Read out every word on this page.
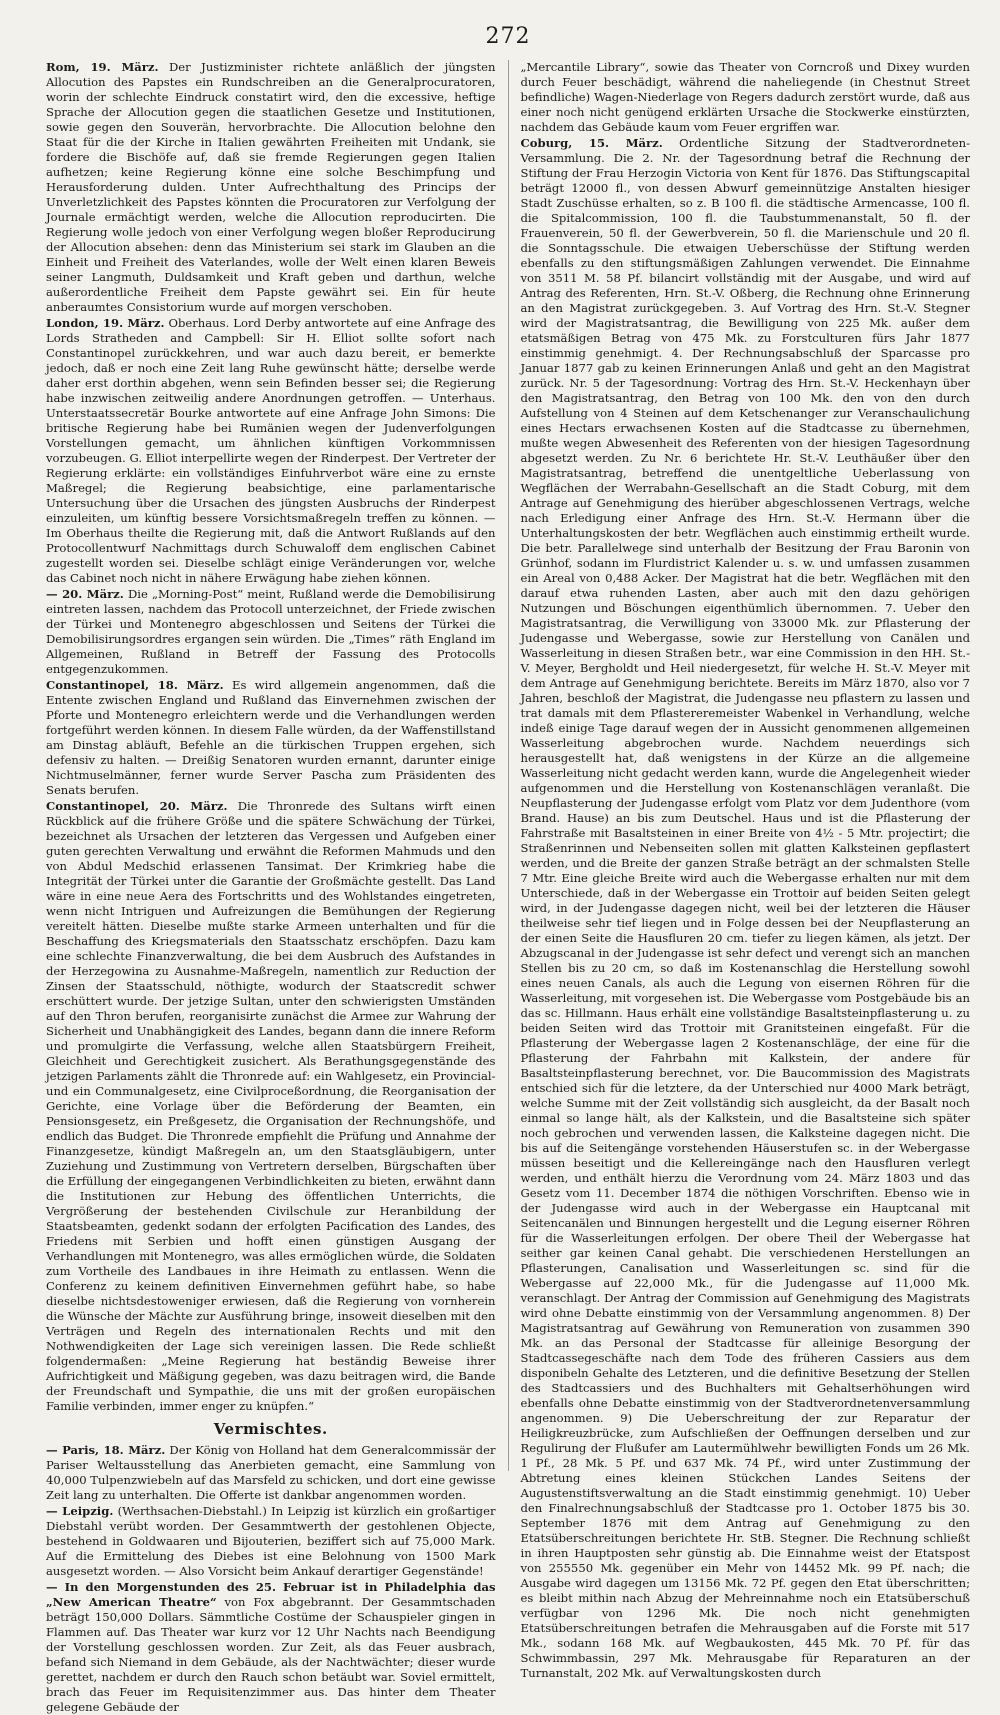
272

Rom, 19. März. Der Justizminister richtete anläßlich der jüngsten Allocution des Papstes ein Rundschreiben an die Generalprocuratoren, worin der schlechte Eindruck constatirt wird, den die excessive, heftige Sprache der Allocution gegen die staatlichen Gesetze und Institutionen, sowie gegen den Souverän, hervorbrachte. Die Allocution belohne den Staat für die der Kirche in Italien gewährten Freiheiten mit Undank, sie fordere die Bischöfe auf, daß sie fremde Regierungen gegen Italien aufhetzen; keine Regierung könne eine solche Beschimpfung und Herausforderung dulden. Unter Aufrechthaltung des Princips der Unverletzlichkeit des Papstes könnten die Procuratoren zur Verfolgung der Journale ermächtigt werden, welche die Allocution reproducirten. Die Regierung wolle jedoch von einer Verfolgung wegen bloßer Reproducirung der Allocution absehen: denn das Ministerium sei stark im Glauben an die Einheit und Freiheit des Vaterlandes, wolle der Welt einen klaren Beweis seiner Langmuth, Duldsamkeit und Kraft geben und darthun, welche außerordentliche Freiheit dem Papste gewährt sei. Ein für heute anberaumtes Consistorium wurde auf morgen verschoben.

London, 19. März. Oberhaus. Lord Derby antwortete auf eine Anfrage des Lords Stratheden and Campbell: Sir H. Elliot sollte sofort nach Constantinopel zurückkehren, und war auch dazu bereit, er bemerkte jedoch, daß er noch eine Zeit lang Ruhe gewünscht hätte; derselbe werde daher erst dorthin abgehen, wenn sein Befinden besser sei; die Regierung habe inzwischen zeitweilig andere Anordnungen getroffen. — Unterhaus. Unterstaatssecretär Bourke antwortete auf eine Anfrage John Simons: Die britische Regierung habe bei Rumänien wegen der Judenverfolgungen Vorstellungen gemacht, um ähnlichen künftigen Vorkommnissen vorzubeugen. G. Elliot interpellirte wegen der Rinderpest. Der Vertreter der Regierung erklärte: ein vollständiges Einfuhrverbot wäre eine zu ernste Maßregel; die Regierung beabsichtige, eine parlamentarische Untersuchung über die Ursachen des jüngsten Ausbruchs der Rinderpest einzuleiten, um künftig bessere Vorsichtsmaßregeln treffen zu können. — Im Oberhaus theilte die Regierung mit, daß die Antwort Rußlands auf den Protocollentwurf Nachmittags durch Schuwaloff dem englischen Cabinet zugestellt worden sei. Dieselbe schlägt einige Veränderungen vor, welche das Cabinet noch nicht in nähere Erwägung habe ziehen können.

— 20. März. Die „Morning-Post“ meint, Rußland werde die Demobilisirung eintreten lassen, nachdem das Protocoll unterzeichnet, der Friede zwischen der Türkei und Montenegro abgeschlossen und Seitens der Türkei die Demobilisirungsordres ergangen sein würden. Die „Times“ räth England im Allgemeinen, Rußland in Betreff der Fassung des Protocolls entgegenzukommen.

Constantinopel, 18. März. Es wird allgemein angenommen, daß die Entente zwischen England und Rußland das Einvernehmen zwischen der Pforte und Montenegro erleichtern werde und die Verhandlungen werden fortgeführt werden können. In diesem Falle würden, da der Waffenstillstand am Dinstag abläuft, Befehle an die türkischen Truppen ergehen, sich defensiv zu halten. — Dreißig Senatoren wurden ernannt, darunter einige Nichtmuselmänner, ferner wurde Server Pascha zum Präsidenten des Senats berufen.

Constantinopel, 20. März. Die Thronrede des Sultans wirft einen Rückblick auf die frühere Größe und die spätere Schwächung der Türkei, bezeichnet als Ursachen der letzteren das Vergessen und Aufgeben einer guten gerechten Verwaltung und erwähnt die Reformen Mahmuds und den von Abdul Medschid erlassenen Tansimat. Der Krimkrieg habe die Integrität der Türkei unter die Garantie der Großmächte gestellt. Das Land wäre in eine neue Aera des Fortschritts und des Wohlstandes eingetreten, wenn nicht Intriguen und Aufreizungen die Bemühungen der Regierung vereitelt hätten. Dieselbe mußte starke Armeen unterhalten und für die Beschaffung des Kriegsmaterials den Staatsschatz erschöpfen. Dazu kam eine schlechte Finanzverwaltung, die bei dem Ausbruch des Aufstandes in der Herzegowina zu Ausnahme-Maßregeln, namentlich zur Reduction der Zinsen der Staatsschuld, nöthigte, wodurch der Staatscredit schwer erschüttert wurde. Der jetzige Sultan, unter den schwierigsten Umständen auf den Thron berufen, reorganisirte zunächst die Armee zur Wahrung der Sicherheit und Unabhängigkeit des Landes, begann dann die innere Reform und promulgirte die Verfassung, welche allen Staatsbürgern Freiheit, Gleichheit und Gerechtigkeit zusichert. Als Berathungsgegenstände des jetzigen Parlaments zählt die Thronrede auf: ein Wahlgesetz, ein Provincial- und ein Communalgesetz, eine Civilproceßordnung, die Reorganisation der Gerichte, eine Vorlage über die Beförderung der Beamten, ein Pensionsgesetz, ein Preßgesetz, die Organisation der Rechnungshöfe, und endlich das Budget. Die Thronrede empfiehlt die Prüfung und Annahme der Finanzgesetze, kündigt Maßregeln an, um den Staatsgläubigern, unter Zuziehung und Zustimmung von Vertretern derselben, Bürgschaften über die Erfüllung der eingegangenen Verbindlichkeiten zu bieten, erwähnt dann die Institutionen zur Hebung des öffentlichen Unterrichts, die Vergrößerung der bestehenden Civilschule zur Heranbildung der Staatsbeamten, gedenkt sodann der erfolgten Pacification des Landes, des Friedens mit Serbien und hofft einen günstigen Ausgang der Verhandlungen mit Montenegro, was alles ermöglichen würde, die Soldaten zum Vortheile des Landbaues in ihre Heimath zu entlassen. Wenn die Conferenz zu keinem definitiven Einvernehmen geführt habe, so habe dieselbe nichtsdestoweniger erwiesen, daß die Regierung von vornherein die Wünsche der Mächte zur Ausführung bringe, insoweit dieselben mit den Verträgen und Regeln des internationalen Rechts und mit den Nothwendigkeiten der Lage sich vereinigen lassen. Die Rede schließt folgendermaßen: „Meine Regierung hat beständig Beweise ihrer Aufrichtigkeit und Mäßigung gegeben, was dazu beitragen wird, die Bande der Freundschaft und Sympathie, die uns mit der großen europäischen Familie verbinden, immer enger zu knüpfen.“

Vermischtes.

— Paris, 18. März. Der König von Holland hat dem Generalcommissär der Pariser Weltausstellung das Anerbieten gemacht, eine Sammlung von 40,000 Tulpenzwiebeln auf das Marsfeld zu schicken, und dort eine gewisse Zeit lang zu unterhalten. Die Offerte ist dankbar angenommen worden.

— Leipzig. (Werthsachen-Diebstahl.) In Leipzig ist kürzlich ein großartiger Diebstahl verübt worden. Der Gesammtwerth der gestohlenen Objecte, bestehend in Goldwaaren und Bijouterien, beziffert sich auf 75,000 Mark. Auf die Ermittelung des Diebes ist eine Belohnung von 1500 Mark ausgesetzt worden. — Also Vorsicht beim Ankauf derartiger Gegenstände!

— In den Morgenstunden des 25. Februar ist in Philadelphia das „New American Theatre“ von Fox abgebrannt. Der Gesammtschaden beträgt 150,000 Dollars. Sämmtliche Costüme der Schauspieler gingen in Flammen auf. Das Theater war kurz vor 12 Uhr Nachts nach Beendigung der Vorstellung geschlossen worden. Zur Zeit, als das Feuer ausbrach, befand sich Niemand in dem Gebäude, als der Nachtwächter; dieser wurde gerettet, nachdem er durch den Rauch schon betäubt war. Soviel ermittelt, brach das Feuer im Requisitenzimmer aus. Das hinter dem Theater gelegene Gebäude der

„Mercantile Library“, sowie das Theater von Corncroß und Dixey wurden durch Feuer beschädigt, während die naheliegende (in Chestnut Street befindliche) Wagen-Niederlage von Regers dadurch zerstört wurde, daß aus einer noch nicht genügend erklärten Ursache die Stockwerke einstürzten, nachdem das Gebäude kaum vom Feuer ergriffen war.

Coburg, 15. März. Ordentliche Sitzung der Stadtverordneten-Versammlung. Die 2. Nr. der Tagesordnung betraf die Rechnung der Stiftung der Frau Herzogin Victoria von Kent für 1876. Das Stiftungscapital beträgt 12000 fl., von dessen Abwurf gemeinnützige Anstalten hiesiger Stadt Zuschüsse erhalten, so z. B 100 fl. die städtische Armencasse, 100 fl. die Spitalcommission, 100 fl. die Taubstummenanstalt, 50 fl. der Frauenverein, 50 fl. der Gewerbverein, 50 fl. die Marienschule und 20 fl. die Sonntagsschule. Die etwaigen Ueberschüsse der Stiftung werden ebenfalls zu den stiftungsmäßigen Zahlungen verwendet. Die Einnahme von 3511 M. 58 Pf. bilancirt vollständig mit der Ausgabe, und wird auf Antrag des Referenten, Hrn. St.-V. Oßberg, die Rechnung ohne Erinnerung an den Magistrat zurückgegeben. 3. Auf Vortrag des Hrn. St.-V. Stegner wird der Magistratsantrag, die Bewilligung von 225 Mk. außer dem etatsmäßigen Betrag von 475 Mk. zu Forstculturen fürs Jahr 1877 einstimmig genehmigt. 4. Der Rechnungsabschluß der Sparcasse pro Januar 1877 gab zu keinen Erinnerungen Anlaß und geht an den Magistrat zurück. Nr. 5 der Tagesordnung: Vortrag des Hrn. St.-V. Heckenhayn über den Magistratsantrag, den Betrag von 100 Mk. den von den durch Aufstellung von 4 Steinen auf dem Ketschenanger zur Veranschaulichung eines Hectars erwachsenen Kosten auf die Stadtcasse zu übernehmen, mußte wegen Abwesenheit des Referenten von der hiesigen Tagesordnung abgesetzt werden. Zu Nr. 6 berichtete Hr. St.-V. Leuthäußer über den Magistratsantrag, betreffend die unentgeltliche Ueberlassung von Wegflächen der Werrabahn-Gesellschaft an die Stadt Coburg, mit dem Antrage auf Genehmigung des hierüber abgeschlossenen Vertrags, welche nach Erledigung einer Anfrage des Hrn. St.-V. Hermann über die Unterhaltungskosten der betr. Wegflächen auch einstimmig ertheilt wurde. Die betr. Parallelwege sind unterhalb der Besitzung der Frau Baronin von Grünhof, sodann im Flurdistrict Kalender u. s. w. und umfassen zusammen ein Areal von 0,488 Acker. Der Magistrat hat die betr. Wegflächen mit den darauf etwa ruhenden Lasten, aber auch mit den dazu gehörigen Nutzungen und Böschungen eigenthümlich übernommen. 7. Ueber den Magistratsantrag, die Verwilligung von 33000 Mk. zur Pflasterung der Judengasse und Webergasse, sowie zur Herstellung von Canälen und Wasserleitung in diesen Straßen betr., war eine Commission in den HH. St.-V. Meyer, Bergholdt und Heil niedergesetzt, für welche H. St.-V. Meyer mit dem Antrage auf Genehmigung berichtete. Bereits im März 1870, also vor 7 Jahren, beschloß der Magistrat, die Judengasse neu pflastern zu lassen und trat damals mit dem Pflastereremeister Wabenkel in Verhandlung, welche indeß einige Tage darauf wegen der in Aussicht genommenen allgemeinen Wasserleitung abgebrochen wurde. Nachdem neuerdings sich herausgestellt hat, daß wenigstens in der Kürze an die allgemeine Wasserleitung nicht gedacht werden kann, wurde die Angelegenheit wieder aufgenommen und die Herstellung von Kostenanschlägen veranlaßt. Die Neupflasterung der Judengasse erfolgt vom Platz vor dem Judenthore (vom Brand. Hause) an bis zum Deutschel. Haus und ist die Pflasterung der Fahrstraße mit Basaltsteinen in einer Breite von 4½ - 5 Mtr. projectirt; die Straßenrinnen und Nebenseiten sollen mit glatten Kalksteinen gepflastert werden, und die Breite der ganzen Straße beträgt an der schmalsten Stelle 7 Mtr. Eine gleiche Breite wird auch die Webergasse erhalten nur mit dem Unterschiede, daß in der Webergasse ein Trottoir auf beiden Seiten gelegt wird, in der Judengasse dagegen nicht, weil bei der letzteren die Häuser theilweise sehr tief liegen und in Folge dessen bei der Neupflasterung an der einen Seite die Hausfluren 20 cm. tiefer zu liegen kämen, als jetzt. Der Abzugscanal in der Judengasse ist sehr defect und verengt sich an manchen Stellen bis zu 20 cm, so daß im Kostenanschlag die Herstellung sowohl eines neuen Canals, als auch die Legung von eisernen Röhren für die Wasserleitung, mit vorgesehen ist. Die Webergasse vom Postgebäude bis an das sc. Hillmann. Haus erhält eine vollständige Basaltsteinpflasterung u. zu beiden Seiten wird das Trottoir mit Granitsteinen eingefaßt. Für die Pflasterung der Webergasse lagen 2 Kostenanschläge, der eine für die Pflasterung der Fahrbahn mit Kalkstein, der andere für Basaltsteinpflasterung berechnet, vor. Die Baucommission des Magistrats entschied sich für die letztere, da der Unterschied nur 4000 Mark beträgt, welche Summe mit der Zeit vollständig sich ausgleicht, da der Basalt noch einmal so lange hält, als der Kalkstein, und die Basaltsteine sich später noch gebrochen und verwenden lassen, die Kalksteine dagegen nicht. Die bis auf die Seitengänge vorstehenden Häuserstufen sc. in der Webergasse müssen beseitigt und die Kellereingänge nach den Hausfluren verlegt werden, und enthält hierzu die Verordnung vom 24. März 1803 und das Gesetz vom 11. December 1874 die nöthigen Vorschriften. Ebenso wie in der Judengasse wird auch in der Webergasse ein Hauptcanal mit Seitencanälen und Binnungen hergestellt und die Legung eiserner Röhren für die Wasserleitungen erfolgen. Der obere Theil der Webergasse hat seither gar keinen Canal gehabt. Die verschiedenen Herstellungen an Pflasterungen, Canalisation und Wasserleitungen sc. sind für die Webergasse auf 22,000 Mk., für die Judengasse auf 11,000 Mk. veranschlagt. Der Antrag der Commission auf Genehmigung des Magistrats wird ohne Debatte einstimmig von der Versammlung angenommen. 8) Der Magistratsantrag auf Gewährung von Remuneration von zusammen 390 Mk. an das Personal der Stadtcasse für alleinige Besorgung der Stadtcassegeschäfte nach dem Tode des früheren Cassiers aus dem disponibeln Gehalte des Letzteren, und die definitive Besetzung der Stellen des Stadtcassiers und des Buchhalters mit Gehaltserhöhungen wird ebenfalls ohne Debatte einstimmig von der Stadtverordnetenversammlung angenommen. 9) Die Ueberschreitung der zur Reparatur der Heiligkreuzbrücke, zum Aufschließen der Oeffnungen derselben und zur Regulirung der Flußufer am Lautermühlwehr bewilligten Fonds um 26 Mk. 1 Pf., 28 Mk. 5 Pf. und 637 Mk. 74 Pf., wird unter Zustimmung der Abtretung eines kleinen Stückchen Landes Seitens der Augustenstiftsverwaltung an die Stadt einstimmig genehmigt. 10) Ueber den Finalrechnungsabschluß der Stadtcasse pro 1. October 1875 bis 30. September 1876 mit dem Antrag auf Genehmigung zu den Etatsüberschreitungen berichtete Hr. StB. Stegner. Die Rechnung schließt in ihren Hauptposten sehr günstig ab. Die Einnahme weist der Etatspost von 255550 Mk. gegenüber ein Mehr von 14452 Mk. 99 Pf. nach; die Ausgabe wird dagegen um 13156 Mk. 72 Pf. gegen den Etat überschritten; es bleibt mithin nach Abzug der Mehreinnahme noch ein Etatsüberschuß verfügbar von 1296 Mk. Die noch nicht genehmigten Etatsüberschreitungen betrafen die Mehrausgaben auf die Forste mit 517 Mk., sodann 168 Mk. auf Wegbaukosten, 445 Mk. 70 Pf. für das Schwimmbassin, 297 Mk. Mehrausgabe für Reparaturen an der Turnanstalt, 202 Mk. auf Verwaltungskosten durch
